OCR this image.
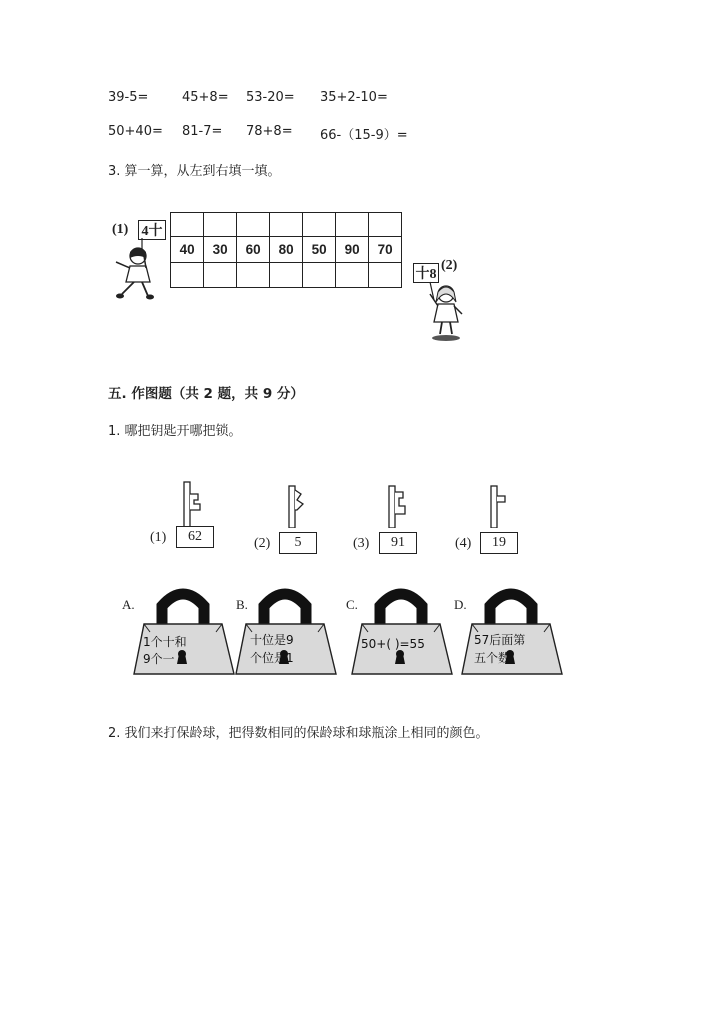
39-5=	45+8= 53-20= 35+2-10=
50+40= 81-7= 78+8= 66-（15-9）=
3. 算一算，从左到右填一填。
(1) 4十
40	30	60	80	50	90	70
十8
(2)
五. 作图题（共 2 题，共 9 分）
1. 哪把钥匙开哪把锁。
(1)	62	(2)	5	(3)	91	(4)	19
A.
1个十和
9个一
B.
十位是9
个位是1
C.
50+( )=55
D.
57后面第
五个数
2. 我们来打保龄球，把得数相同的保龄球和球瓶涂上相同的颜色。
